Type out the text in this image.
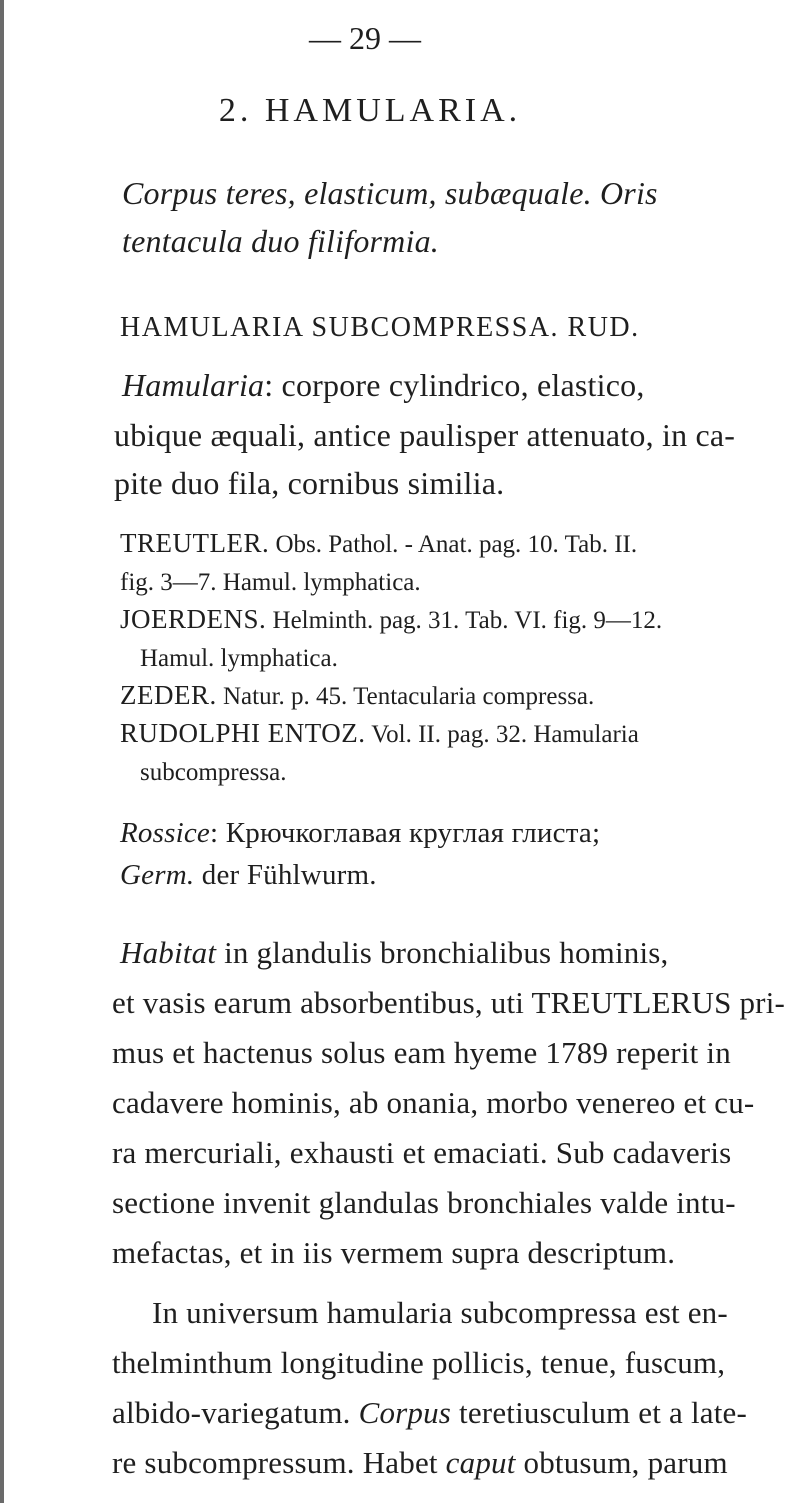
— 29 —
2. HAMULARIA.
Corpus teres, elasticum, subæquale. Oris
tentacula duo filiformia.
HAMULARIA SUBCOMPRESSA. RUD.
Hamularia: corpore cylindrico, elastico,
ubique æquali, antice paulisper attenuato, in ca-
pite duo fila, cornibus similia.
TREUTLER. Obs. Pathol. - Anat. pag. 10. Tab. II.
fig. 3—7. Hamul. lymphatica.
JOERDENS. Helminth. pag. 31. Tab. VI. fig. 9—12.
Hamul. lymphatica.
ZEDER. Natur. p. 45. Tentacularia compressa.
RUDOLPHI ENTOZ. Vol. II. pag. 32. Hamularia
subcompressa.
Rossice: Крючкоглавая круглая глиста;
Germ. der Fühlwurm.
Habitat in glandulis bronchialibus hominis,
et vasis earum absorbentibus, uti TREUTLERUS pri-
mus et hactenus solus eam hyeme 1789 reperit in
cadavere hominis, ab onania, morbo venereo et cu-
ra mercuriali, exhausti et emaciati. Sub cadaveris
sectione invenit glandulas bronchiales valde intu-
mefactas, et in iis vermem supra descriptum.
In universum hamularia subcompressa est en-
thelminthum longitudine pollicis, tenue, fuscum,
albido-variegatum. Corpus teretiusculum et a late-
re subcompressum. Habet caput obtusum, parum
